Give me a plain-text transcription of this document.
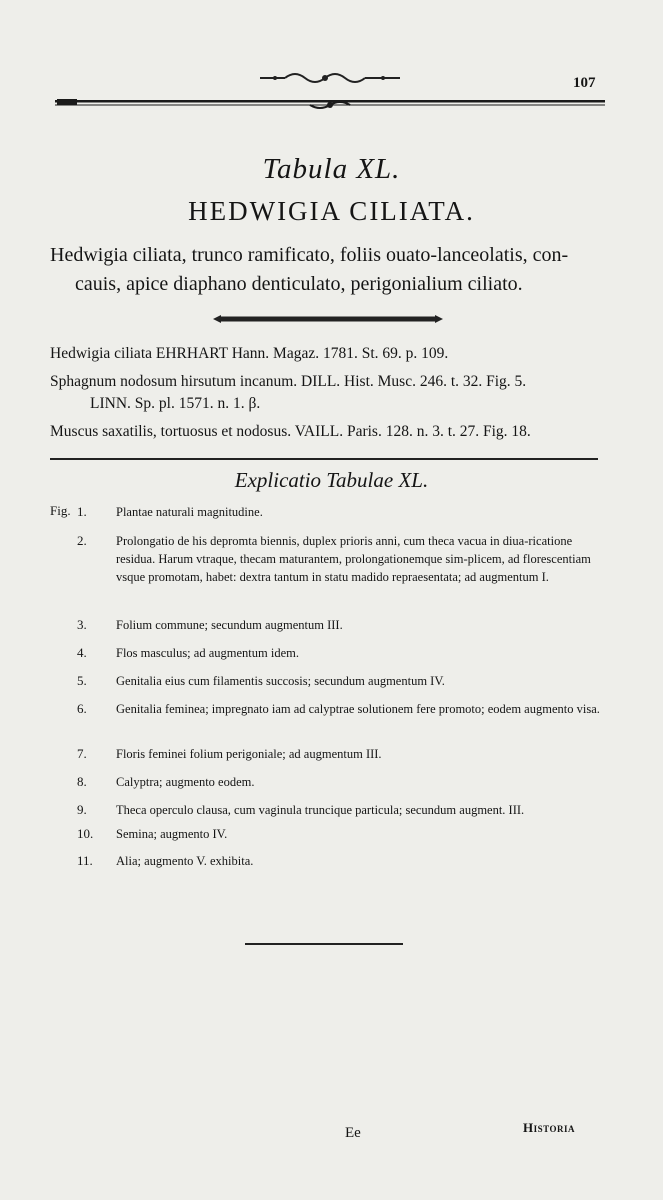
107
Tabula XL.
HEDWIGIA CILIATA.
Hedwigia ciliata, trunco ramificato, foliis ouato-lanceolatis, con-
cauis, apice diaphano denticulato, perigonialium ciliato.
Hedwigia ciliata EHRHART Hann. Magaz. 1781. St. 69. p. 109.
Sphagnum nodosum hirsutum incanum. DILL. Hist. Musc. 246. t. 32. Fig. 5.
LINN. Sp. pl. 1571. n. 1. β.
Muscus saxatilis, tortuosus et nodosus. VAILL. Paris. 128. n. 3. t. 27. Fig. 18.
Explicatio Tabulae XL.
Fig. 1.	Plantae naturali magnitudine.
2.	Prolongatio de his depromta biennis, duplex prioris anni, cum theca vacua in diua-ricatione residua. Harum vtraque, thecam maturantem, prolongationemque sim-plicem, ad florescentiam vsque promotam, habet: dextra tantum in statu madido repraesentata; ad augmentum I.
3.	Folium commune; secundum augmentum III.
4.	Flos masculus; ad augmentum idem.
5.	Genitalia eius cum filamentis succosis; secundum augmentum IV.
6.	Genitalia feminea; impregnato iam ad calyptrae solutionem fere promoto; eodem augmento visa.
7.	Floris feminei folium perigoniale; ad augmentum III.
8.	Calyptra; augmento eodem.
9.	Theca operculo clausa, cum vaginula truncique particula; secundum augment. III.
10.	Semina; augmento IV.
11.	Alia; augmento V. exhibita.
Ee	Historia
